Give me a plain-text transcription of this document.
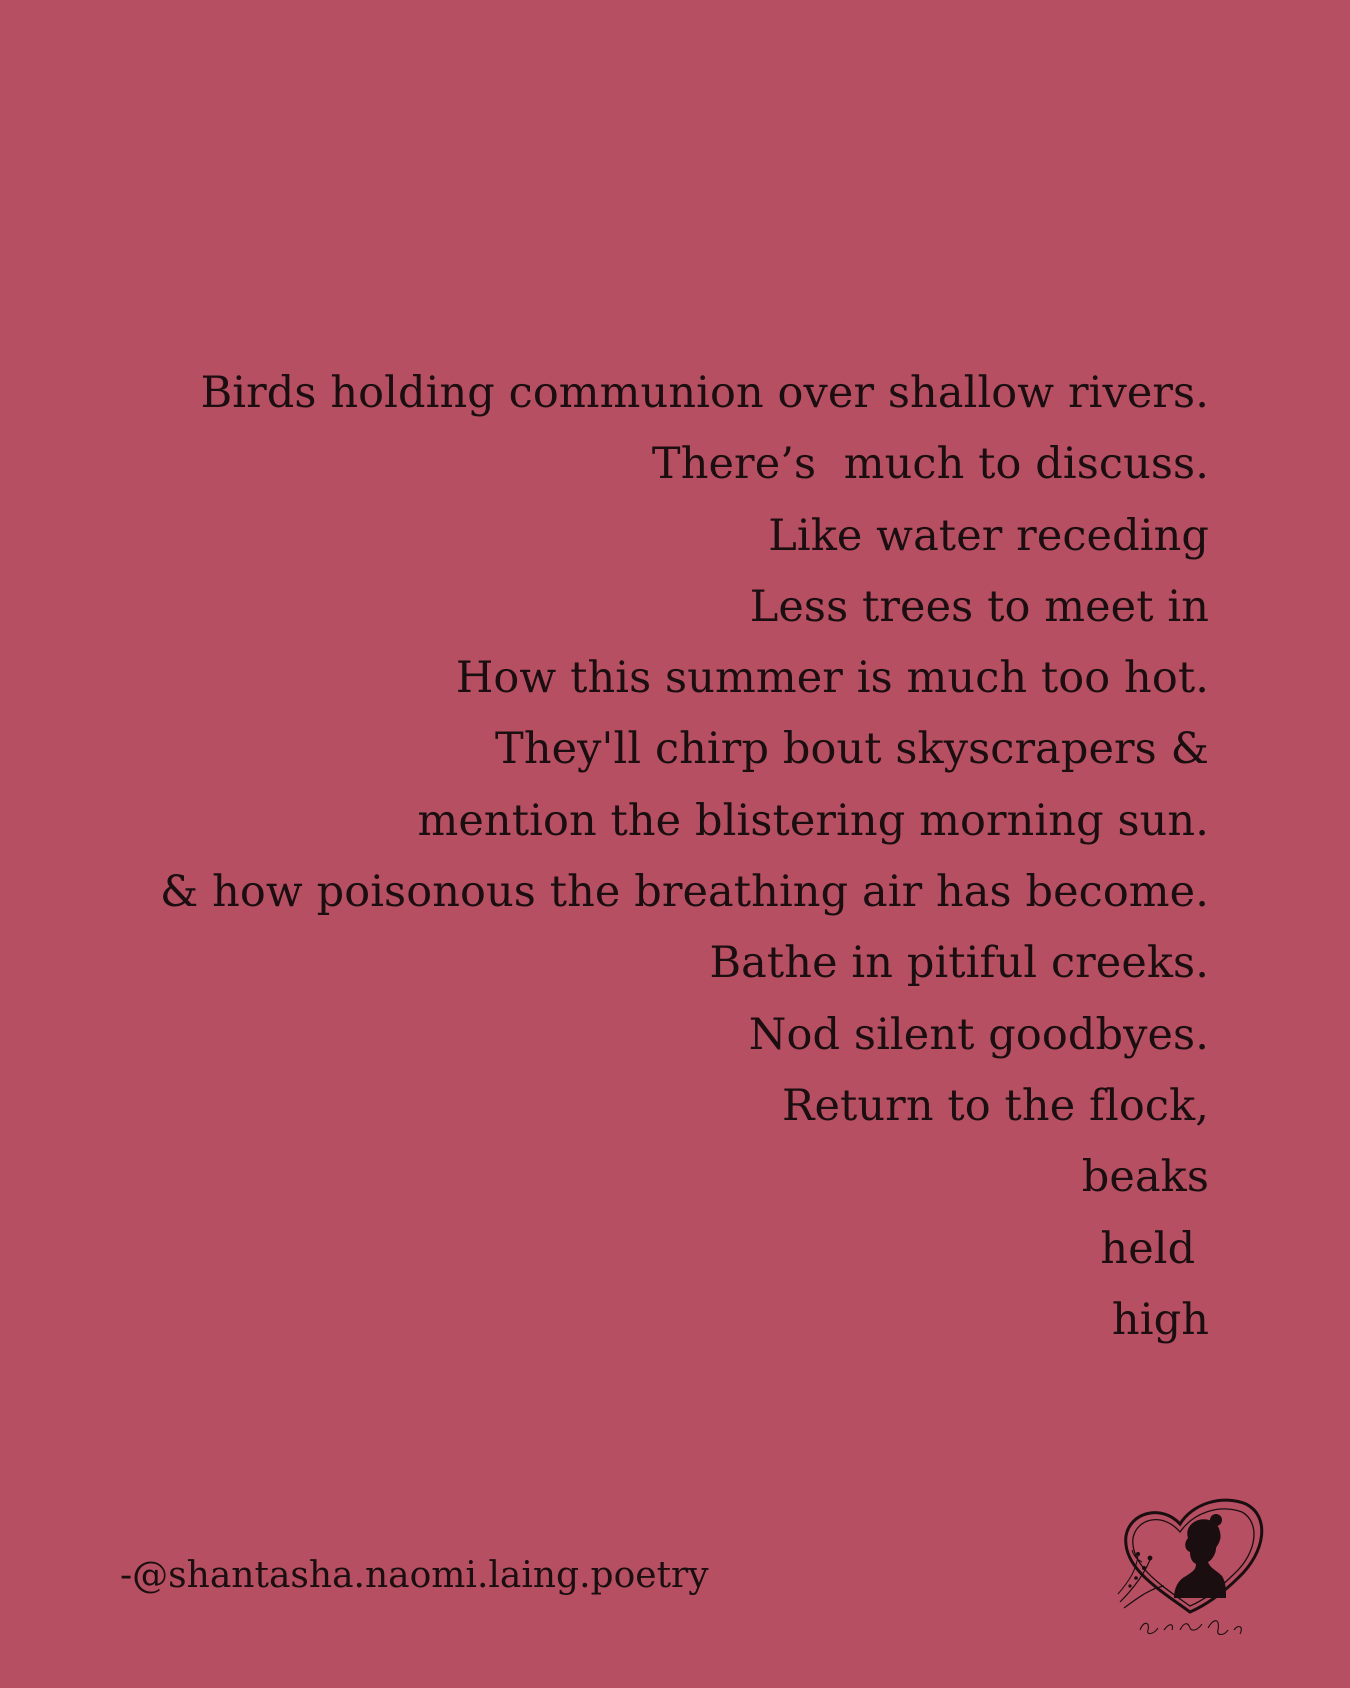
Birds holding communion over shallow rivers.
There’s  much to discuss.
Like water receding
Less trees to meet in
How this summer is much too hot.
They'll chirp bout skyscrapers &
mention the blistering morning sun.
& how poisonous the breathing air has become.
Bathe in pitiful creeks.
Nod silent goodbyes.
Return to the flock,
beaks
held
high
-@shantasha.naomi.laing.poetry
